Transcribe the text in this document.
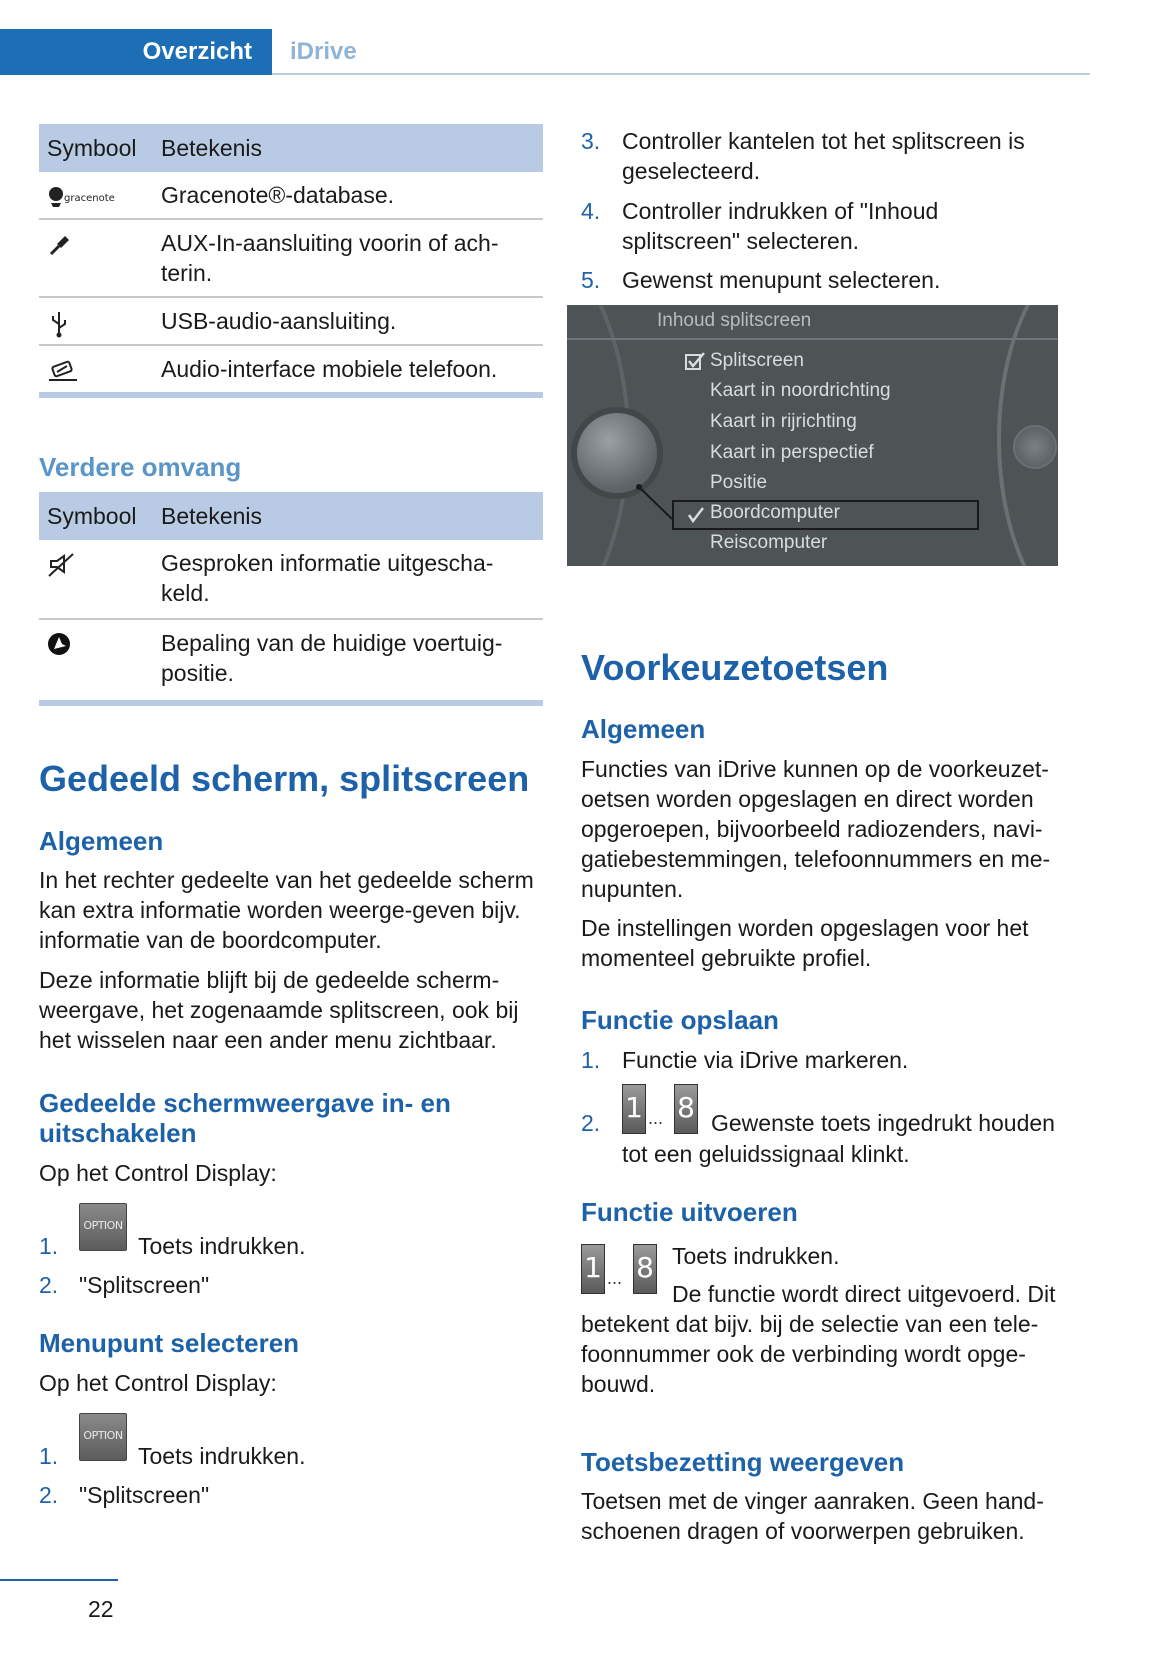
Overzicht iDrive
Symbool Betekenis
gracenote Gracenote®-database.
AUX-In-aansluiting voorin of ach-terin.
USB-audio-aansluiting.
Audio-interface mobiele telefoon.
Verdere omvang
Symbool Betekenis
Gesproken informatie uitgescha-keld.
Bepaling van de huidige voertuig-positie.
Gedeeld scherm, splitscreen
Algemeen
In het rechter gedeelte van het gedeelde scherm kan extra informatie worden weerge-geven bijv. informatie van de boordcomputer.
Deze informatie blijft bij de gedeelde scherm-weergave, het zogenaamde splitscreen, ook bij het wisselen naar een ander menu zichtbaar.
Gedeelde schermweergave in- en uitschakelen
Op het Control Display:
1.
OPTION
Toets indrukken.
2. "Splitscreen"
Menupunt selecteren
Op het Control Display:
1.
OPTION
Toets indrukken.
2. "Splitscreen"
3. Controller kantelen tot het splitscreen is
geselecteerd.
4. Controller indrukken of "Inhoud
splitscreen" selecteren.
5. Gewenst menupunt selecteren.
Inhoud splitscreen
Splitscreen
Kaart in noordrichting
Kaart in rijrichting
Kaart in perspectief
Positie
Boordcomputer
Reiscomputer
Voorkeuzetoetsen
Algemeen
Functies van iDrive kunnen op de voorkeuzet-oetsen worden opgeslagen en direct worden opgeroepen, bijvoorbeeld radiozenders, navi-gatiebestemmingen, telefoonnummers en me-nupunten.
De instellingen worden opgeslagen voor het momenteel gebruikte profiel.
Functie opslaan
1. Functie via iDrive markeren.
2. 1 ... 8 Gewenste toets ingedrukt houden
tot een geluidssignaal klinkt.
Functie uitvoeren
1 ... 8 Toets indrukken.
De functie wordt direct uitgevoerd. Dit betekent dat bijv. bij de selectie van een tele-foonnummer ook de verbinding wordt opge-bouwd.
Toetsbezetting weergeven
Toetsen met de vinger aanraken. Geen hand-schoenen dragen of voorwerpen gebruiken.
22
